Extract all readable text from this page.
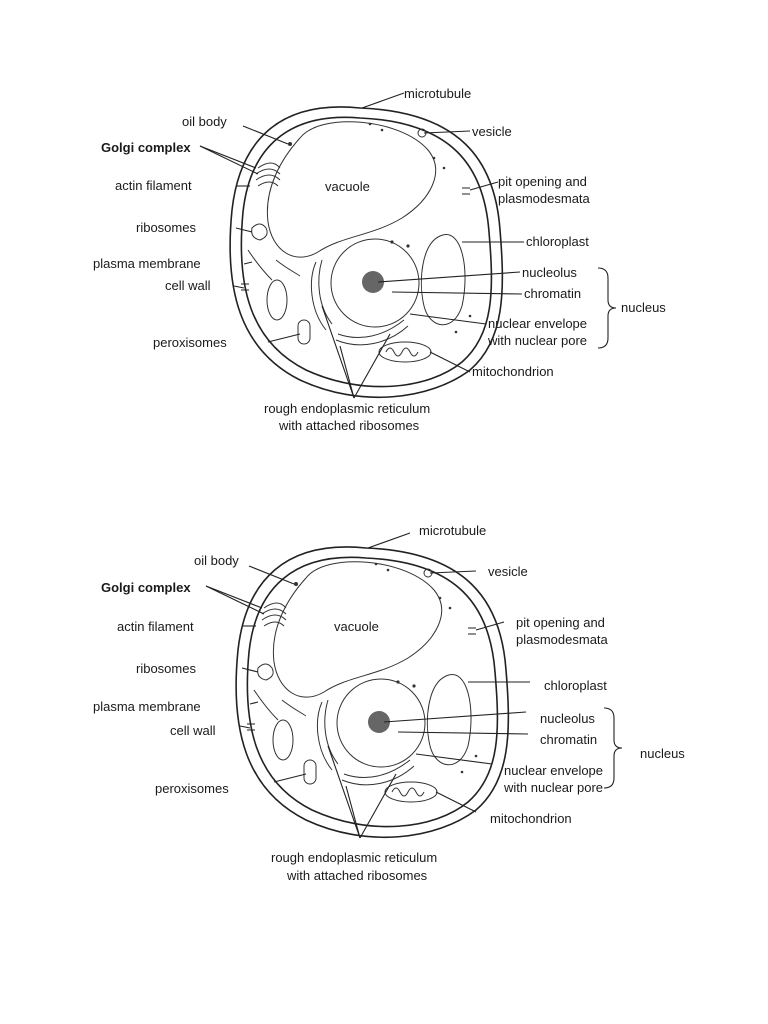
microtubule
oil body
Golgi complex
vesicle
actin filament	vacuole	pit opening and
plasmodesmata
ribosomes
chloroplast
plasma membrane
nucleolus
cell wall
chromatin
nucleus
nuclear envelope
with nuclear pore
peroxisomes
mitochondrion
rough endoplasmic reticulum
with attached ribosomes
microtubule
oil body
Golgi complex
vesicle
actin filament	vacuole	pit opening and
plasmodesmata
ribosomes
chloroplast
plasma membrane
nucleolus
cell wall
chromatin
nucleus
nuclear envelope
with nuclear pore
peroxisomes
mitochondrion
rough endoplasmic reticulum
with attached ribosomes
